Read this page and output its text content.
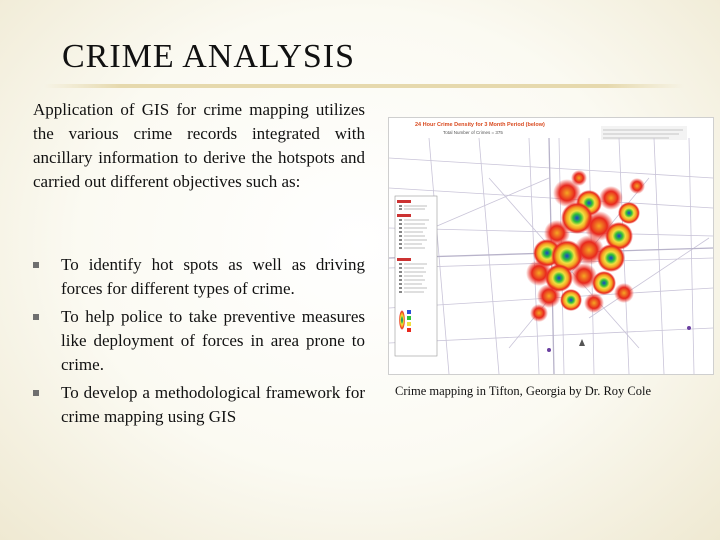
CRIME ANALYSIS
Application of GIS for crime mapping utilizes the various crime records integrated with ancillary information to derive the hotspots and carried out different objectives such as:
To identify hot spots as well as driving forces for different types of crime.
To help police to take preventive measures like deployment of forces in area prone to crime.
To develop a methodological framework for crime mapping using GIS
24 Hour Crime Density for 3 Month Period (below)
Total Number of Crimes = 375
Crime mapping in Tifton, Georgia by Dr. Roy Cole
